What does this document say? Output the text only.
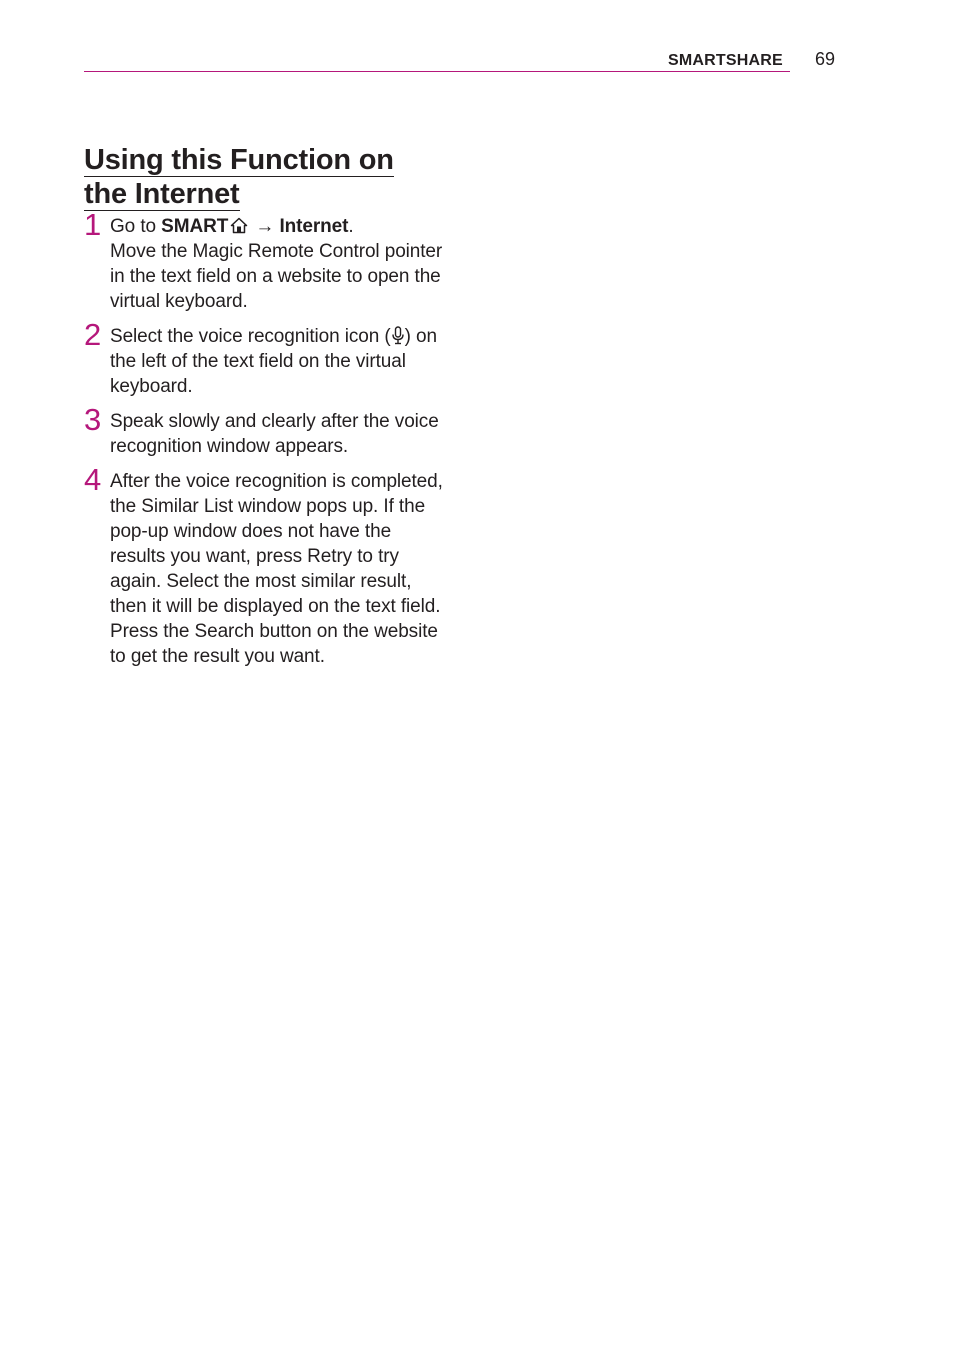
SMARTSHARE 69
Using this Function on
the Internet
1 Go to SMART → Internet.
Move the Magic Remote Control pointer in the text field on a website to open the virtual keyboard.
2 Select the voice recognition icon ( ) on the left of the text field on the virtual keyboard.
3 Speak slowly and clearly after the voice recognition window appears.
4 After the voice recognition is completed, the Similar List window pops up. If the pop-up window does not have the results you want, press Retry to try again. Select the most similar result, then it will be displayed on the text field. Press the Search button on the website to get the result you want.
